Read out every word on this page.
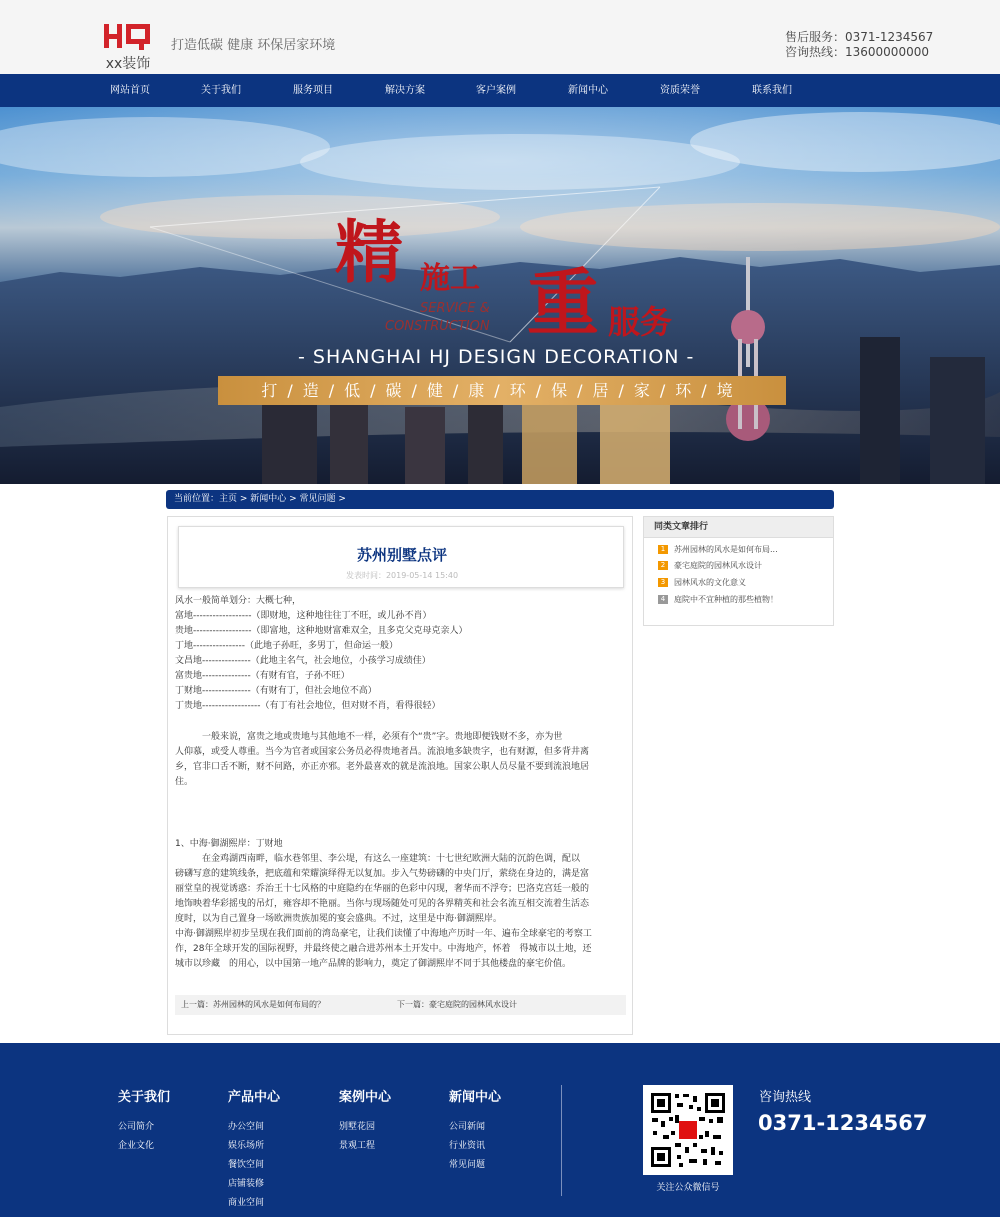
xx装饰
打造低碳 健康 环保居家环境
售后服务：0371-1234567
咨询热线：13600000000
网站首页	关于我们	服务项目	解决方案	客户案例	新闻中心	资质荣誉	联系我们
精 施工 重 服务
SERVICE &
CONSTRUCTION
- SHANGHAI HJ DESIGN DECORATION -
打/造/低/碳/健/康/环/保/居/家/环/境
当前位置：主页 > 新闻中心 > 常见问题 >
苏州别墅点评
发表时间：2019-05-14 15:40
风水一般简单划分：大概七种，
富地------------------（即财地，这种地往往丁不旺，或儿孙不肖）
贵地------------------（即富地，这种地财富难双全，且多克父克母克亲人）
丁地----------------（此地子孙旺，多男丁，但命运一般）
文昌地---------------（此地主名气，社会地位，小孩学习成绩佳）
富贵地---------------（有财有官，子孙不旺）
丁财地---------------（有财有丁，但社会地位不高）
丁贵地------------------（有丁有社会地位，但对财不肖，看得很轻）
　　　一般来说，富贵之地或贵地与其他地不一样，必须有个“贵”字。贵地即便钱财不多，亦为世
人仰慕，或受人尊重。当今为官者或国家公务员必得贵地者昌。流浪地多缺贵字，也有财源，但多背井离
乡，官非口舌不断，财不问路，亦正亦邪。老外最喜欢的就是流浪地。国家公职人员尽量不要到流浪地居
住。
1、中海·御湖熙岸：丁财地
　　　在金鸡湖西南畔，临水巷邻里、李公堤，有这么一座建筑：十七世纪欧洲大陆的沉韵色调，配以
磅礴写意的建筑线条，把底蕴和荣耀演绎得无以复加。步入气势磅礴的中央门厅，萦绕在身边的，满是富
丽堂皇的视觉诱惑：乔治王十七风格的中庭隐约在华丽的色彩中闪现，奢华而不浮夸；巴洛克宫廷一般的
地饰映着华彩摇曳的吊灯，雍容却不艳丽。当你与现场随处可见的各界精英和社会名流互相交流着生活态
度时，以为自己置身一场欧洲贵族加冕的宴会盛典。不过，这里是中海·御湖熙岸。
中海·御湖熙岸初步呈现在我们面前的湾岛豪宅，让我们读懂了中海地产历时一年、遍布全球豪宅的考察工
作，28年全球开发的国际视野，并最终使之融合进苏州本土开发中。中海地产，怀着　得城市以土地，还
城市以珍藏　的用心，以中国第一地产品牌的影响力，奠定了御湖熙岸不同于其他楼盘的豪宅价值。
上一篇：苏州园林的风水是如何布局的？	下一篇：豪宅庭院的园林风水设计
同类文章排行
1	苏州园林的风水是如何布局...
2	豪宅庭院的园林风水设计
3	园林风水的文化意义
4	庭院中不宜种植的那些植物！
关于我们
公司简介
企业文化
产品中心
办公空间
娱乐场所
餐饮空间
店铺装修
商业空间
案例中心
别墅花园
景观工程
新闻中心
公司新闻
行业资讯
常见问题
关注公众微信号
咨询热线
0371-1234567
